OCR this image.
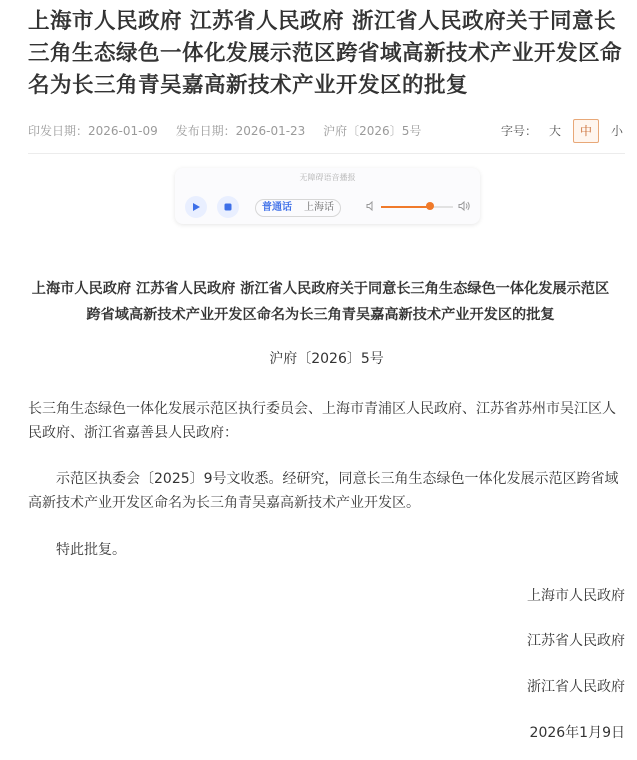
上海市人民政府 江苏省人民政府 浙江省人民政府关于同意长三角生态绿色一体化发展示范区跨省域高新技术产业开发区命名为长三角青吴嘉高新技术产业开发区的批复
印发日期：2026-01-09 发布日期：2026-01-23 沪府〔2026〕5号	字号：	大	中	小
无障碍语音播报
普通话	上海话
上海市人民政府 江苏省人民政府 浙江省人民政府关于同意长三角生态绿色一体化发展示范区跨省域高新技术产业开发区命名为长三角青吴嘉高新技术产业开发区的批复
沪府〔2026〕5号

长三角生态绿色一体化发展示范区执行委员会、上海市青浦区人民政府、江苏省苏州市吴江区人民政府、浙江省嘉善县人民政府：

示范区执委会〔2025〕9号文收悉。经研究，同意长三角生态绿色一体化发展示范区跨省域高新技术产业开发区命名为长三角青吴嘉高新技术产业开发区。

特此批复。

上海市人民政府
江苏省人民政府
浙江省人民政府
2026年1月9日
